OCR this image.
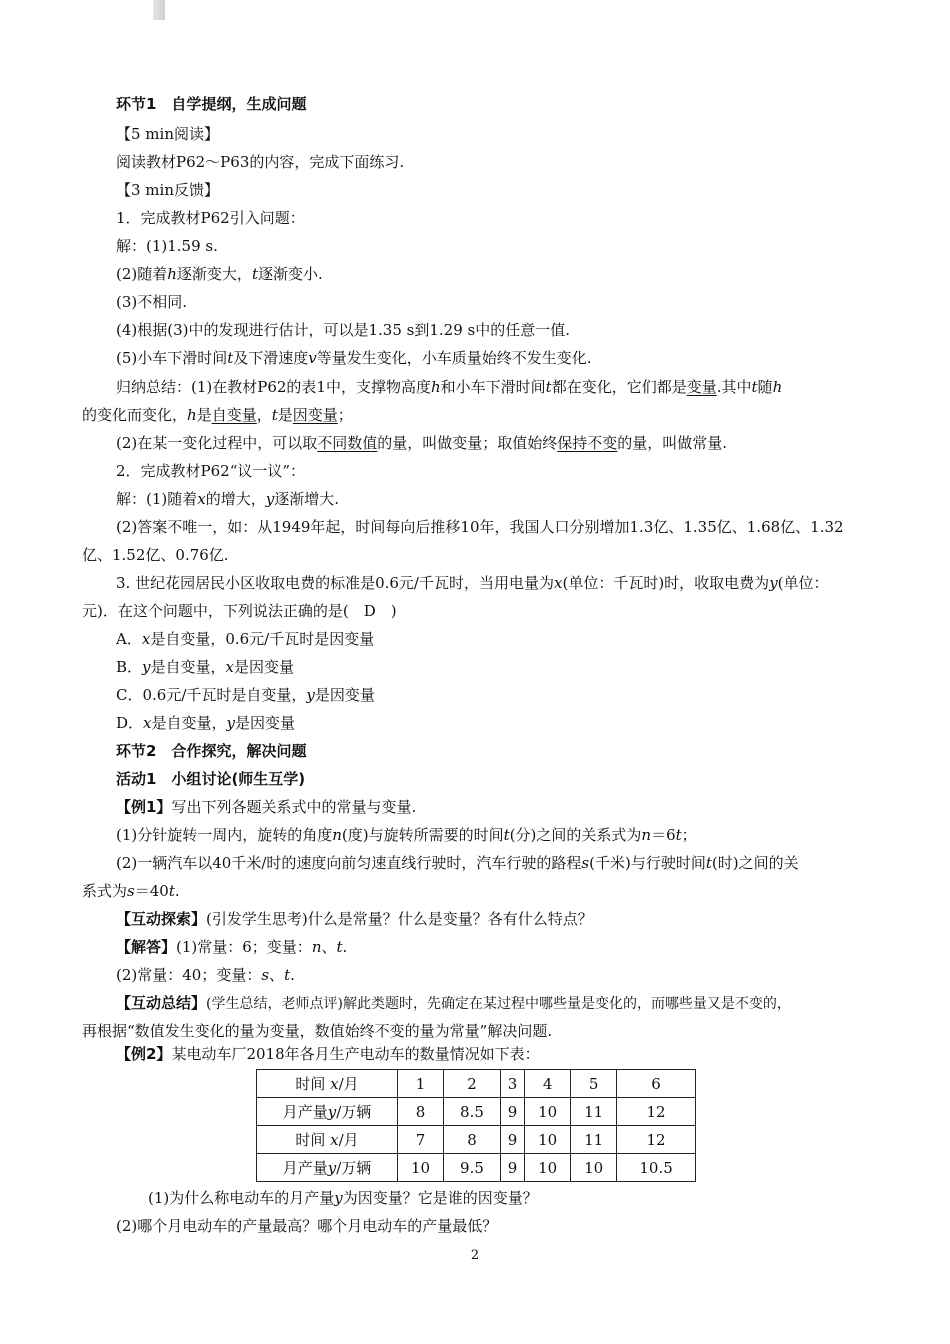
环节1　自学提纲，生成问题
【5 min阅读】
阅读教材P62～P63的内容，完成下面练习.
【3 min反馈】
1．完成教材P62引入问题：
解：(1)1.59 s.
(2)随着h逐渐变大，t逐渐变小.
(3)不相同.
(4)根据(3)中的发现进行估计，可以是1.35 s到1.29 s中的任意一值.
(5)小车下滑时间t及下滑速度v等量发生变化，小车质量始终不发生变化.
归纳总结：(1)在教材P62的表1中，支撑物高度h和小车下滑时间t都在变化，它们都是变量.其中t随h
的变化而变化，h是自变量，t是因变量；
(2)在某一变化过程中，可以取不同数值的量，叫做变量；取值始终保持不变的量，叫做常量.
2．完成教材P62“议一议”：
解：(1)随着x的增大，y逐渐增大.
(2)答案不唯一，如：从1949年起，时间每向后推移10年，我国人口分别增加1.3亿、1.35亿、1.68亿、1.32
亿、1.52亿、0.76亿.
3. 世纪花园居民小区收取电费的标准是0.6元/千瓦时，当用电量为x(单位：千瓦时)时，收取电费为y(单位：
元)．在这个问题中，下列说法正确的是(　D　)
A．x是自变量，0.6元/千瓦时是因变量
B．y是自变量，x是因变量
C．0.6元/千瓦时是自变量，y是因变量
D．x是自变量，y是因变量
环节2　合作探究，解决问题
活动1　小组讨论(师生互学)
【例1】写出下列各题关系式中的常量与变量.
(1)分针旋转一周内，旋转的角度n(度)与旋转所需要的时间t(分)之间的关系式为n＝6t；
(2)一辆汽车以40千米/时的速度向前匀速直线行驶时，汽车行驶的路程s(千米)与行驶时间t(时)之间的关
系式为s＝40t.
【互动探索】(引发学生思考)什么是常量？什么是变量？各有什么特点？
【解答】(1)常量：6；变量：n、t.
(2)常量：40；变量：s、t.
【互动总结】(学生总结，老师点评)解此类题时，先确定在某过程中哪些量是变化的，而哪些量又是不变的，
再根据“数值发生变化的量为变量，数值始终不变的量为常量”解决问题.
【例2】某电动车厂2018年各月生产电动车的数量情况如下表：
时间 x/月	1	2	3	4	5	6
月产量y/万辆	8	8.5	9	10	11	12
时间 x/月	7	8	9	10	11	12
月产量y/万辆	10	9.5	9	10	10	10.5
(1)为什么称电动车的月产量y为因变量？它是谁的因变量？
(2)哪个月电动车的产量最高？哪个月电动车的产量最低？
2
